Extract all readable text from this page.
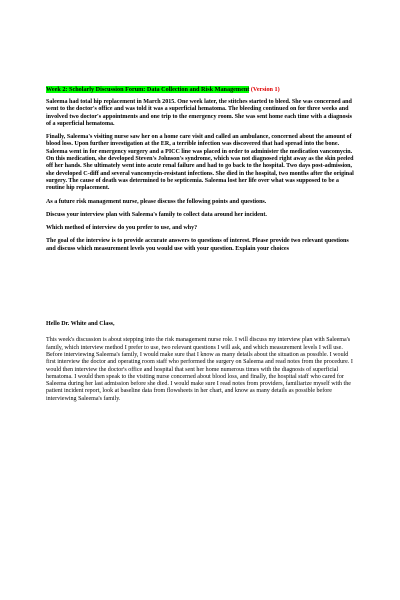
Week 2: Scholarly Discussion Forum: Data Collection and Risk Management (Version 1)

Saleema had total hip replacement in March 2015. One week later, the stitches started to bleed. She was concerned and went to the doctor's office and was told it was a superficial hematoma. The bleeding continued on for three weeks and involved two doctor's appointments and one trip to the emergency room. She was sent home each time with a diagnosis of a superficial hematoma.

Finally, Saleema's visiting nurse saw her on a home care visit and called an ambulance, concerned about the amount of blood loss. Upon further investigation at the ER, a terrible infection was discovered that had spread into the bone. Saleema went in for emergency surgery and a PICC line was placed in order to administer the medication vancomycin. On this medication, she developed Steven's Johnson's syndrome, which was not diagnosed right away as the skin peeled off her hands. She ultimately went into acute renal failure and had to go back to the hospital. Two days post-admission, she developed C-diff and several vancomycin-resistant infections. She died in the hospital, two months after the original surgery. The cause of death was determined to be septicemia. Saleema lost her life over what was supposed to be a routine hip replacement.

As a future risk management nurse, please discuss the following points and questions.

Discuss your interview plan with Saleema's family to collect data around her incident.

Which method of interview do you prefer to use, and why?

The goal of the interview is to provide accurate answers to questions of interest. Please provide two relevant questions and discuss which measurement levels you would use with your question. Explain your choices

Hello Dr. White and Class,

This week's discussion is about stepping into the risk management nurse role. I will discuss my interview plan with Saleema's family, which interview method I prefer to use, two relevant questions I will ask, and which measurement levels I will use. Before interviewing Saleema's family, I would make sure that I know as many details about the situation as possible. I would first interview the doctor and operating room staff who performed the surgery on Saleema and read notes from the procedure. I would then interview the doctor's office and hospital that sent her home numerous times with the diagnosis of superficial hematoma. I would then speak to the visiting nurse concerned about blood loss, and finally, the hospital staff who cared for Saleema during her last admission before she died. I would make sure I read notes from providers, familiarize myself with the patient incident report, look at baseline data from flowsheets in her chart, and know as many details as possible before interviewing Saleema's family.
